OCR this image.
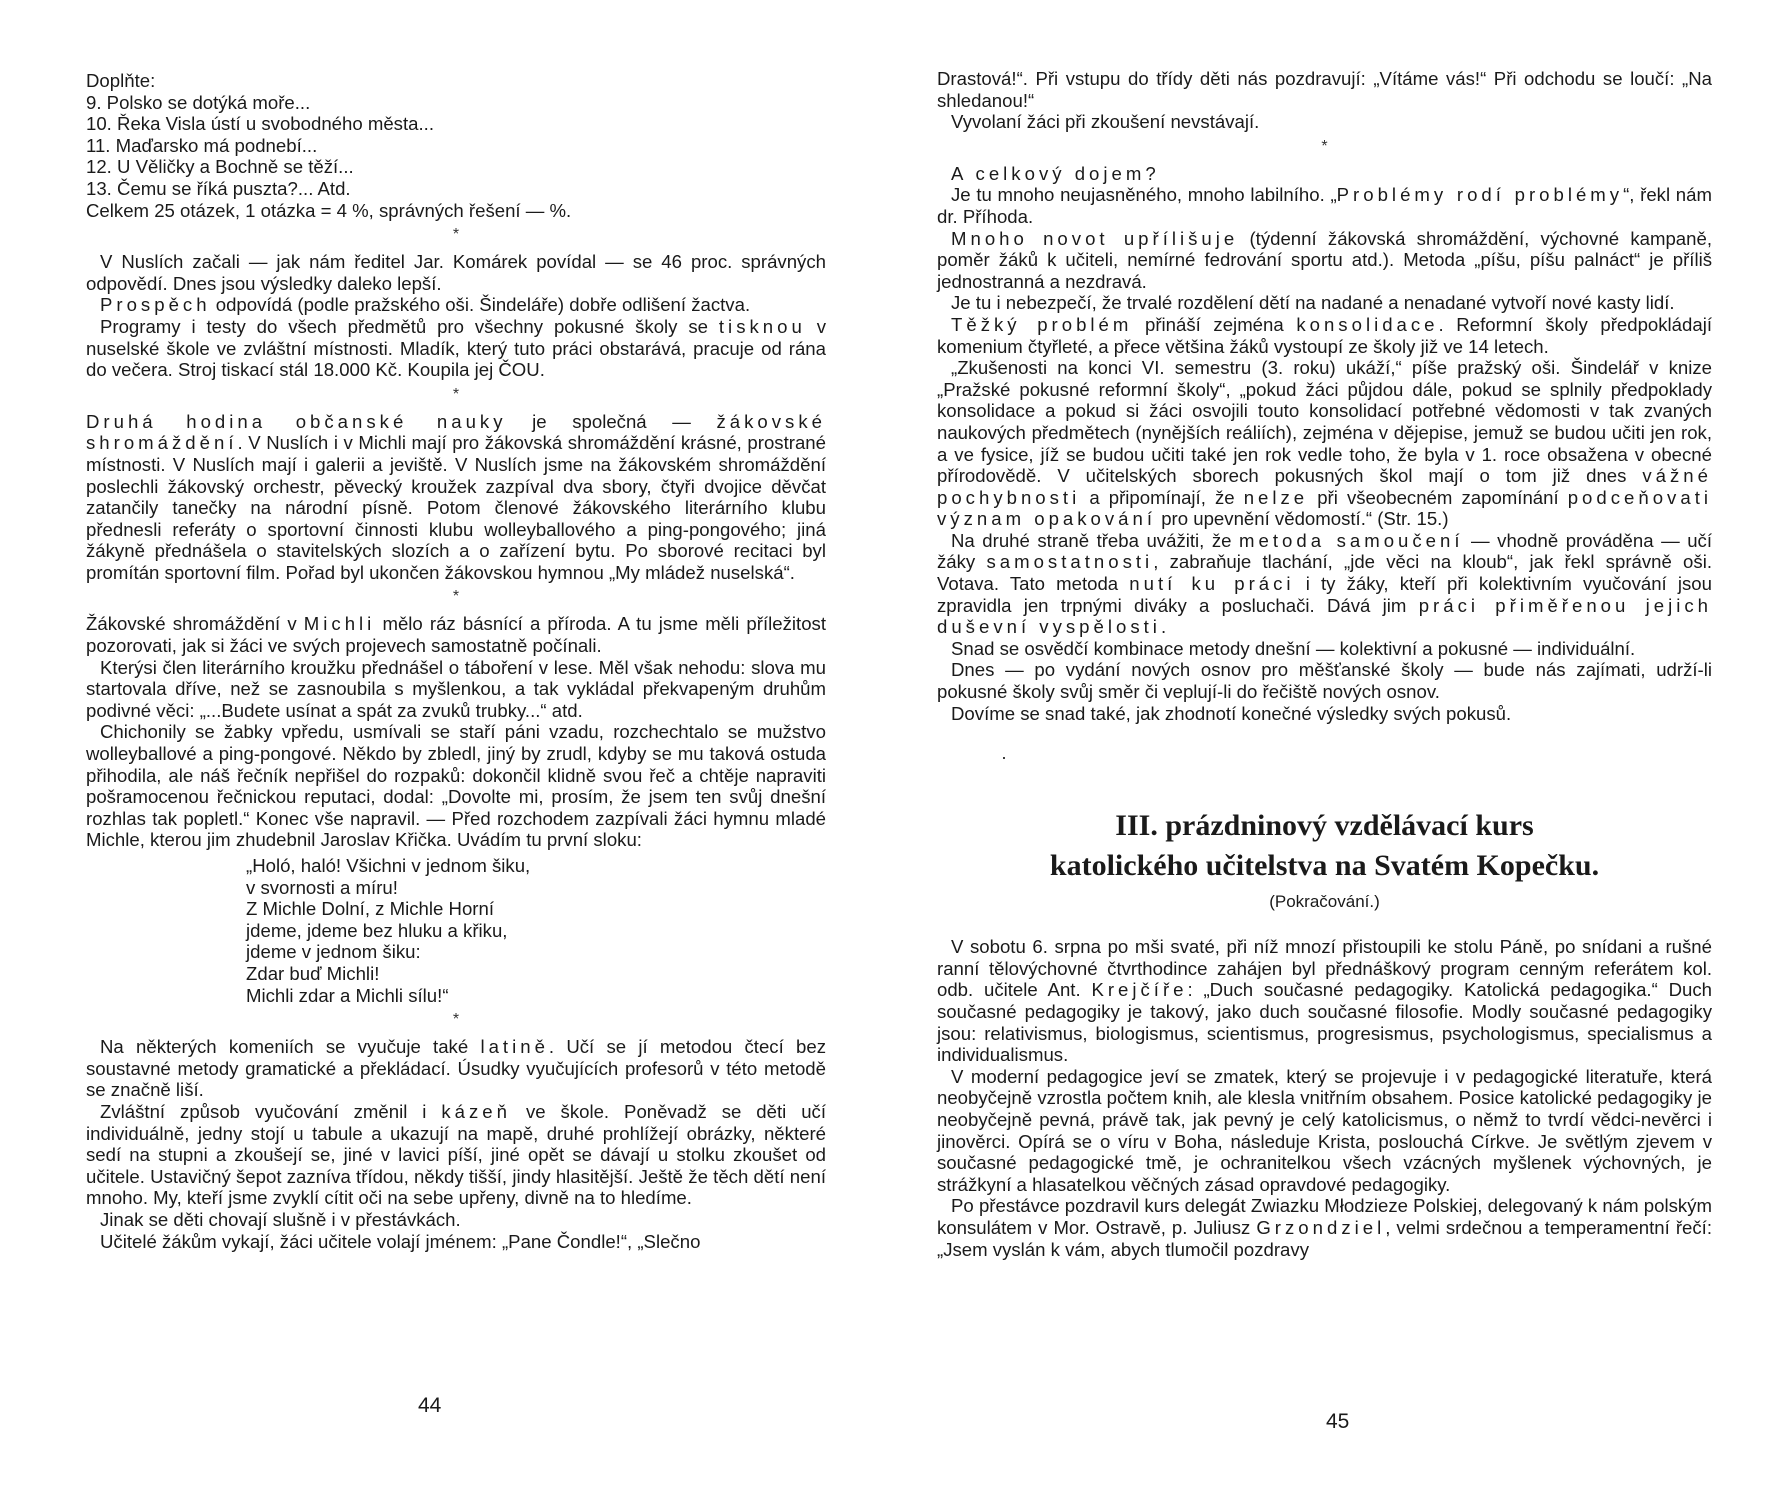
Doplňte:
9. Polsko se dotýká moře...
10. Řeka Visla ústí u svobodného města...
11. Maďarsko má podnebí...
12. U Věličky a Bochně se těží...
13. Čemu se říká puszta?... Atd.
Celkem 25 otázek, 1 otázka = 4 %, správných řešení — %.
*

V Nuslích začali — jak nám ředitel Jar. Komárek povídal — se 46 proc. správných odpovědí. Dnes jsou výsledky daleko lepší.

Prospěch odpovídá (podle pražského oši. Šindeláře) dobře odlišení žactva.

Programy i testy do všech předmětů pro všechny pokusné školy se tisknou v nuselské škole ve zvláštní místnosti. Mladík, který tuto práci obstarává, pracuje od rána do večera. Stroj tiskací stál 18.000 Kč. Koupila jej ČOU.

*

Druhá hodina občanské nauky je společná — žákovské shromáždění. V Nuslích i v Michli mají pro žákovská shromáždění krásné, prostrané místnosti. V Nuslích mají i galerii a jeviště. V Nuslích jsme na žákovském shromáždění poslechli žákovský orchestr, pěvecký kroužek zazpíval dva sbory, čtyři dvojice děvčat zatančily tanečky na národní písně. Potom členové žákovského literárního klubu přednesli referáty o sportovní činnosti klubu wolleyballového a ping-pongového; jiná žákyně přednášela o stavitelských slozích a o zařízení bytu. Po sborové recitaci byl promítán sportovní film. Pořad byl ukončen žákovskou hymnou „My mládež nuselská“.

*

Žákovské shromáždění v Michli mělo ráz básnící a příroda. A tu jsme měli příležitost pozorovati, jak si žáci ve svých projevech samostatně počínali.

Kterýsi člen literárního kroužku přednášel o táboření v lese. Měl však nehodu: slova mu startovala dříve, než se zasnoubila s myšlenkou, a tak vykládal překvapeným druhům podivné věci: „...Budete usínat a spát za zvuků trubky...“ atd.

Chichonily se žabky vpředu, usmívali se staří páni vzadu, rozchechtalo se mužstvo wolleyballové a ping-pongové. Někdo by zbledl, jiný by zrudl, kdyby se mu taková ostuda přihodila, ale náš řečník nepřišel do rozpaků: dokončil klidně svou řeč a chtěje napraviti pošramocenou řečnickou reputaci, dodal: „Dovolte mi, prosím, že jsem ten svůj dnešní rozhlas tak popletl.“ Konec vše napravil. — Před rozchodem zazpívali žáci hymnu mladé Michle, kterou jim zhudebnil Jaroslav Křička. Uvádím tu první sloku:

„Holó, haló! Všichni v jednom šiku,
v svornosti a míru!
Z Michle Dolní, z Michle Horní
jdeme, jdeme bez hluku a křiku,
jdeme v jednom šiku:
Zdar buď Michli!
Michli zdar a Michli sílu!“
*

Na některých komeniích se vyučuje také latině. Učí se jí metodou čtecí bez soustavné metody gramatické a překládací. Úsudky vyučujících profesorů v této metodě se značně liší.

Zvláštní způsob vyučování změnil i kázeň ve škole. Poněvadž se děti učí individuálně, jedny stojí u tabule a ukazují na mapě, druhé prohlížejí obrázky, některé sedí na stupni a zkoušejí se, jiné v lavici píší, jiné opět se dávají u stolku zkoušet od učitele. Ustavičný šepot zazníva třídou, někdy tišší, jindy hlasitější. Ještě že těch dětí není mnoho. My, kteří jsme zvyklí cítit oči na sebe upřeny, divně na to hledíme.

Jinak se děti chovají slušně i v přestávkách.

Učitelé žákům vykají, žáci učitele volají jménem: „Pane Čondle!“, „Slečno

44

Drastová!“. Při vstupu do třídy děti nás pozdravují: „Vítáme vás!“ Při odchodu se loučí: „Na shledanou!“

Vyvolaní žáci při zkoušení nevstávají.

*

A celkový dojem?

Je tu mnoho neujasněného, mnoho labilního. „Problémy rodí problémy“, řekl nám dr. Příhoda.

Mnoho novot upřílišuje (týdenní žákovská shromáždění, výchovné kampaně, poměr žáků k učiteli, nemírné fedrování sportu atd.). Metoda „píšu, píšu palnáct“ je příliš jednostranná a nezdravá.

Je tu i nebezpečí, že trvalé rozdělení dětí na nadané a nenadané vytvoří nové kasty lidí.

Těžký problém přináší zejména konsolidace. Reformní školy předpokládají komenium čtyřleté, a přece většina žáků vystoupí ze školy již ve 14 letech.

„Zkušenosti na konci VI. semestru (3. roku) ukáží,“ píše pražský oši. Šindelář v knize „Pražské pokusné reformní školy“, „pokud žáci půjdou dále, pokud se splnily předpoklady konsolidace a pokud si žáci osvojili touto konsolidací potřebné vědomosti v tak zvaných naukových předmětech (nynějších reáliích), zejména v dějepise, jemuž se budou učiti jen rok, a ve fysice, jíž se budou učiti také jen rok vedle toho, že byla v 1. roce obsažena v obecné přírodovědě. V učitelských sborech pokusných škol mají o tom již dnes vážné pochybnosti a připomínají, že nelze při všeobecném zapomínání podceňovati význam opakování pro upevnění vědomostí.“ (Str. 15.)

Na druhé straně třeba uvážiti, že metoda samoučení — vhodně prováděna — učí žáky samostatnosti, zabraňuje tlachání, „jde věci na kloub“, jak řekl správně oši. Votava. Tato metoda nutí ku práci i ty žáky, kteří při kolektivním vyučování jsou zpravidla jen trpnými diváky a posluchači. Dává jim práci přiměřenou jejich duševní vyspělosti.

Snad se osvědčí kombinace metody dnešní — kolektivní a pokusné — individuální.

Dnes — po vydání nových osnov pro měšťanské školy — bude nás zajímati, udrží-li pokusné školy svůj směr či veplují-li do řečiště nových osnov.

Dovíme se snad také, jak zhodnotí konečné výsledky svých pokusů.

·
III. prázdninový vzdělávací kurs
katolického učitelstva na Svatém Kopečku.
(Pokračování.)

V sobotu 6. srpna po mši svaté, při níž mnozí přistoupili ke stolu Páně, po snídani a rušné ranní tělovýchovné čtvrthodince zahájen byl přednáškový program cenným referátem kol. odb. učitele Ant. Krejčíře: „Duch současné pedagogiky. Katolická pedagogika.“ Duch současné pedagogiky je takový, jako duch současné filosofie. Modly současné pedagogiky jsou: relativismus, biologismus, scientismus, progresismus, psychologismus, specialismus a individualismus.

V moderní pedagogice jeví se zmatek, který se projevuje i v pedagogické literatuře, která neobyčejně vzrostla počtem knih, ale klesla vnitřním obsahem. Posice katolické pedagogiky je neobyčejně pevná, právě tak, jak pevný je celý katolicismus, o němž to tvrdí vědci-nevěrci i jinověrci. Opírá se o víru v Boha, následuje Krista, poslouchá Církve. Je světlým zjevem v současné pedagogické tmě, je ochranitelkou všech vzácných myšlenek výchovných, je strážkyní a hlasatelkou věčných zásad opravdové pedagogiky.

Po přestávce pozdravil kurs delegát Zwiazku Młodzieze Polskiej, delegovaný k nám polským konsulátem v Mor. Ostravě, p. Juliusz Grzondziel, velmi srdečnou a temperamentní řečí: „Jsem vyslán k vám, abych tlumočil pozdravy

45
